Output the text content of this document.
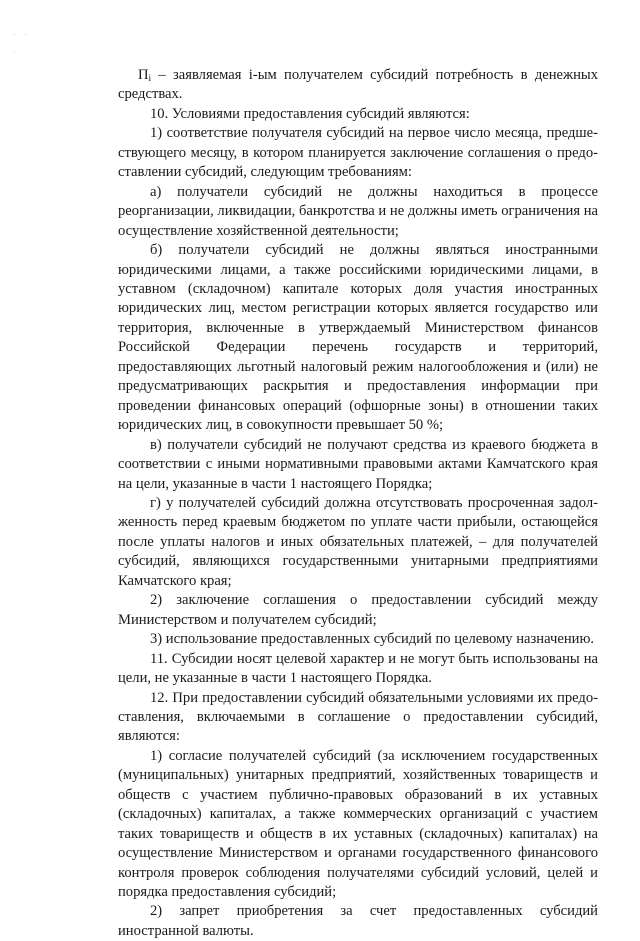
$П_i$ – заявляемая i-ым получателем субсидий потребность в денежных средствах.

10. Условиями предоставления субсидий являются:

1) соответствие получателя субсидий на первое число месяца, предшествующего месяцу, в котором планируется заключение соглашения о предоставлении субсидий, следующим требованиям:

а) получатели субсидий не должны находиться в процессе реорганизации, ликвидации, банкротства и не должны иметь ограничения на осуществление хозяйственной деятельности;

б) получатели субсидий не должны являться иностранными юридическими лицами, а также российскими юридическими лицами, в уставном (складочном) капитале которых доля участия иностранных юридических лиц, местом регистрации которых является государство или территория, включенные в утверждаемый Министерством финансов Российской Федерации перечень государств и территорий, предоставляющих льготный налоговый режим налогообложения и (или) не предусматривающих раскрытия и предоставления информации при проведении финансовых операций (офшорные зоны) в отношении таких юридических лиц, в совокупности превышает 50 %;

в) получатели субсидий не получают средства из краевого бюджета в соответствии с иными нормативными правовыми актами Камчатского края на цели, указанные в части 1 настоящего Порядка;

г) у получателей субсидий должна отсутствовать просроченная задолженность перед краевым бюджетом по уплате части прибыли, остающейся после уплаты налогов и иных обязательных платежей, – для получателей субсидий, являющихся государственными унитарными предприятиями Камчатского края;

2) заключение соглашения о предоставлении субсидий между Министерством и получателем субсидий;

3) использование предоставленных субсидий по целевому назначению.

11. Субсидии носят целевой характер и не могут быть использованы на цели, не указанные в части 1 настоящего Порядка.

12. При предоставлении субсидий обязательными условиями их предоставления, включаемыми в соглашение о предоставлении субсидий, являются:

1) согласие получателей субсидий (за исключением государственных (муниципальных) унитарных предприятий, хозяйственных товариществ и обществ с участием публично-правовых образований в их уставных (складочных) капиталах, а также коммерческих организаций с участием таких товариществ и обществ в их уставных (складочных) капиталах) на осуществление Министерством и органами государственного финансового контроля проверок соблюдения получателями субсидий условий, целей и порядка предоставления субсидий;

2) запрет приобретения за счет предоставленных субсидий иностранной валюты.
